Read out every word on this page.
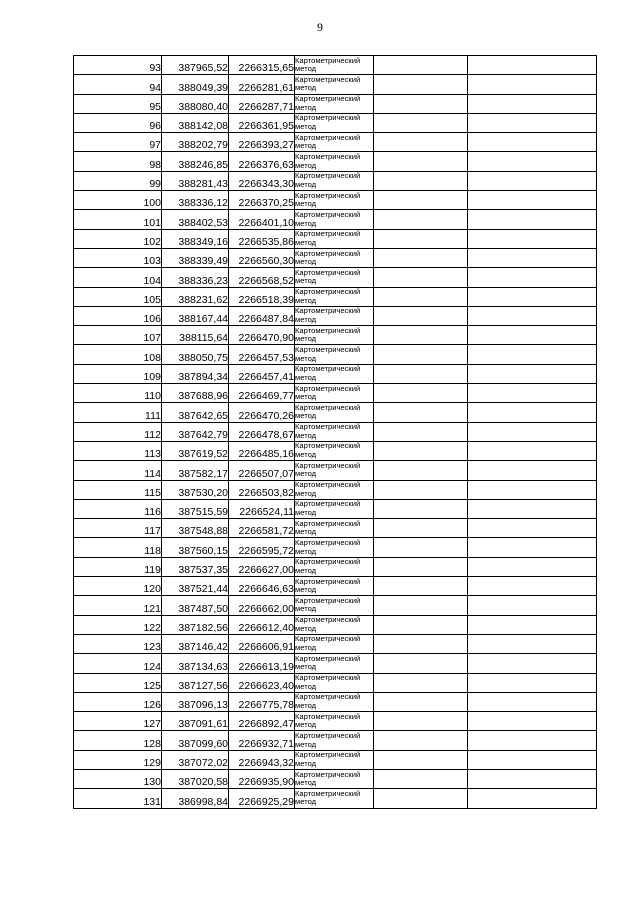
9
93	387965,52	2266315,65	Картометрический
метод		

94	388049,39	2266281,61	Картометрический
метод		

95	388080,40	2266287,71	Картометрический
метод		

96	388142,08	2266361,95	Картометрический
метод		

97	388202,79	2266393,27	Картометрический
метод		

98	388246,85	2266376,63	Картометрический
метод		

99	388281,43	2266343,30	Картометрический
метод		

100	388336,12	2266370,25	Картометрический
метод		

101	388402,53	2266401,10	Картометрический
метод		

102	388349,16	2266535,86	Картометрический
метод		

103	388339,49	2266560,30	Картометрический
метод		

104	388336,23	2266568,52	Картометрический
метод		

105	388231,62	2266518,39	Картометрический
метод		

106	388167,44	2266487,84	Картометрический
метод		

107	388115,64	2266470,90	Картометрический
метод		

108	388050,75	2266457,53	Картометрический
метод		

109	387894,34	2266457,41	Картометрический
метод		

110	387688,96	2266469,77	Картометрический
метод		

111	387642,65	2266470,26	Картометрический
метод		

112	387642,79	2266478,67	Картометрический
метод		

113	387619,52	2266485,16	Картометрический
метод		

114	387582,17	2266507,07	Картометрический
метод		

115	387530,20	2266503,82	Картометрический
метод		

116	387515,59	2266524,11	Картометрический
метод		

117	387548,88	2266581,72	Картометрический
метод		

118	387560,15	2266595,72	Картометрический
метод		

119	387537,35	2266627,00	Картометрический
метод		

120	387521,44	2266646,63	Картометрический
метод		

121	387487,50	2266662,00	Картометрический
метод		

122	387182,56	2266612,40	Картометрический
метод		

123	387146,42	2266606,91	Картометрический
метод		

124	387134,63	2266613,19	Картометрический
метод		

125	387127,56	2266623,40	Картометрический
метод		

126	387096,13	2266775,78	Картометрический
метод		

127	387091,61	2266892,47	Картометрический
метод		

128	387099,60	2266932,71	Картометрический
метод		

129	387072,02	2266943,32	Картометрический
метод		

130	387020,58	2266935,90	Картометрический
метод		

131	386998,84	2266925,29	Картометрический
метод		
